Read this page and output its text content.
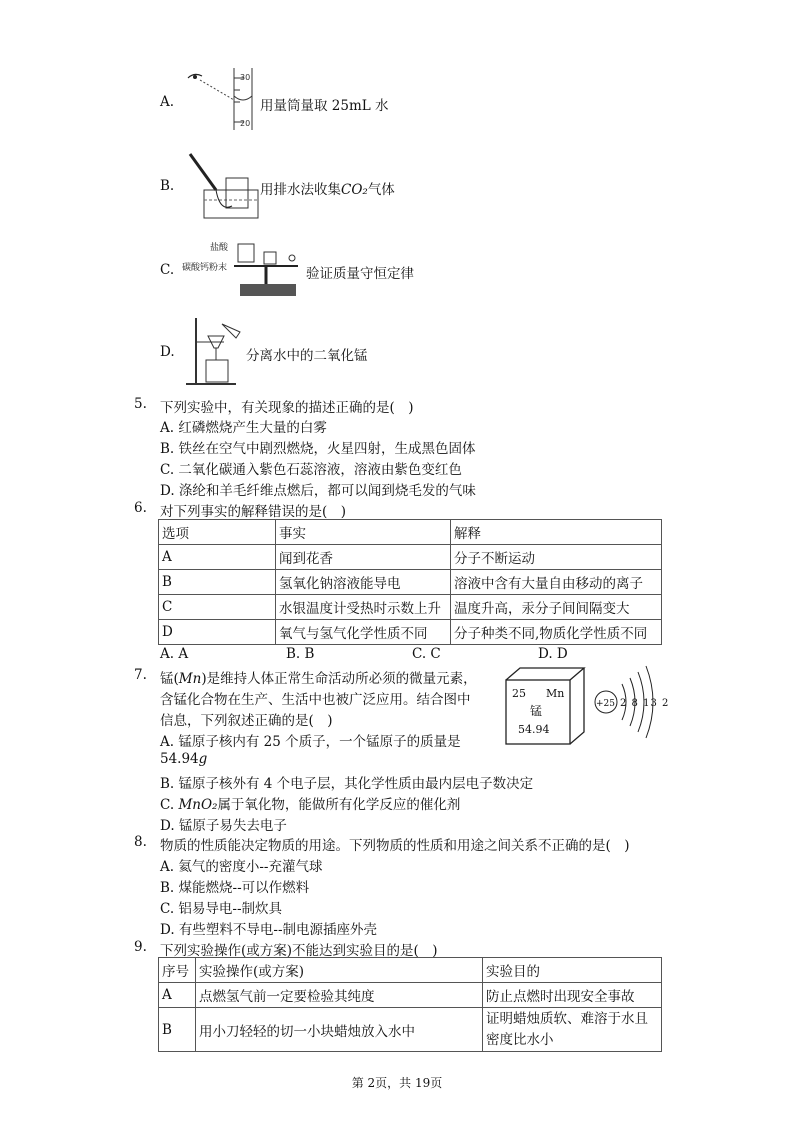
A.
30
20
用量筒量取 25mL 水
B.	用排水法收集CO₂气体
C.
盐酸
碳酸钙粉末	验证质量守恒定律
D.	分离水中的二氧化锰
5. 下列实验中，有关现象的描述正确的是(　)
A. 红磷燃烧产生大量的白雾
B. 铁丝在空气中剧烈燃烧，火星四射，生成黑色固体
C. 二氧化碳通入紫色石蕊溶液，溶液由紫色变红色
D. 涤纶和羊毛纤维点燃后，都可以闻到烧毛发的气味
6. 对下列事实的解释错误的是(　)
选项	事实	解释
A	闻到花香	分子不断运动
B	氢氧化钠溶液能导电	溶液中含有大量自由移动的离子
C	水银温度计受热时示数上升	温度升高，汞分子间间隔变大
D	氧气与氢气化学性质不同	分子种类不同,物质化学性质不同
A. A	B. B	C. C	D. D
7. 锰(Mn)是维持人体正常生命活动所必须的微量元素，
含锰化合物在生产、生活中也被广泛应用。结合图中
信息，下列叙述正确的是(　)
A. 锰原子核内有 25 个质子，一个锰原子的质量是
54.94g
B. 锰原子核外有 4 个电子层，其化学性质由最内层电子数决定
C. MnO₂属于氧化物，能做所有化学反应的催化剂
D. 锰原子易失去电子
25 Mn
锰
54.94
+25 2 8 13 2
8. 物质的性质能决定物质的用途。下列物质的性质和用途之间关系不正确的是(　)
A. 氦气的密度小--充灌气球
B. 煤能燃烧--可以作燃料
C. 铝易导电--制炊具
D. 有些塑料不导电--制电源插座外壳
9. 下列实验操作(或方案)不能达到实验目的是(　)
序号	实验操作(或方案)	实验目的
A	点燃氢气前一定要检验其纯度	防止点燃时出现安全事故
B	用小刀轻轻的切一小块蜡烛放入水中	证明蜡烛质软、难溶于水且
密度比水小
第 2页，共 19页
